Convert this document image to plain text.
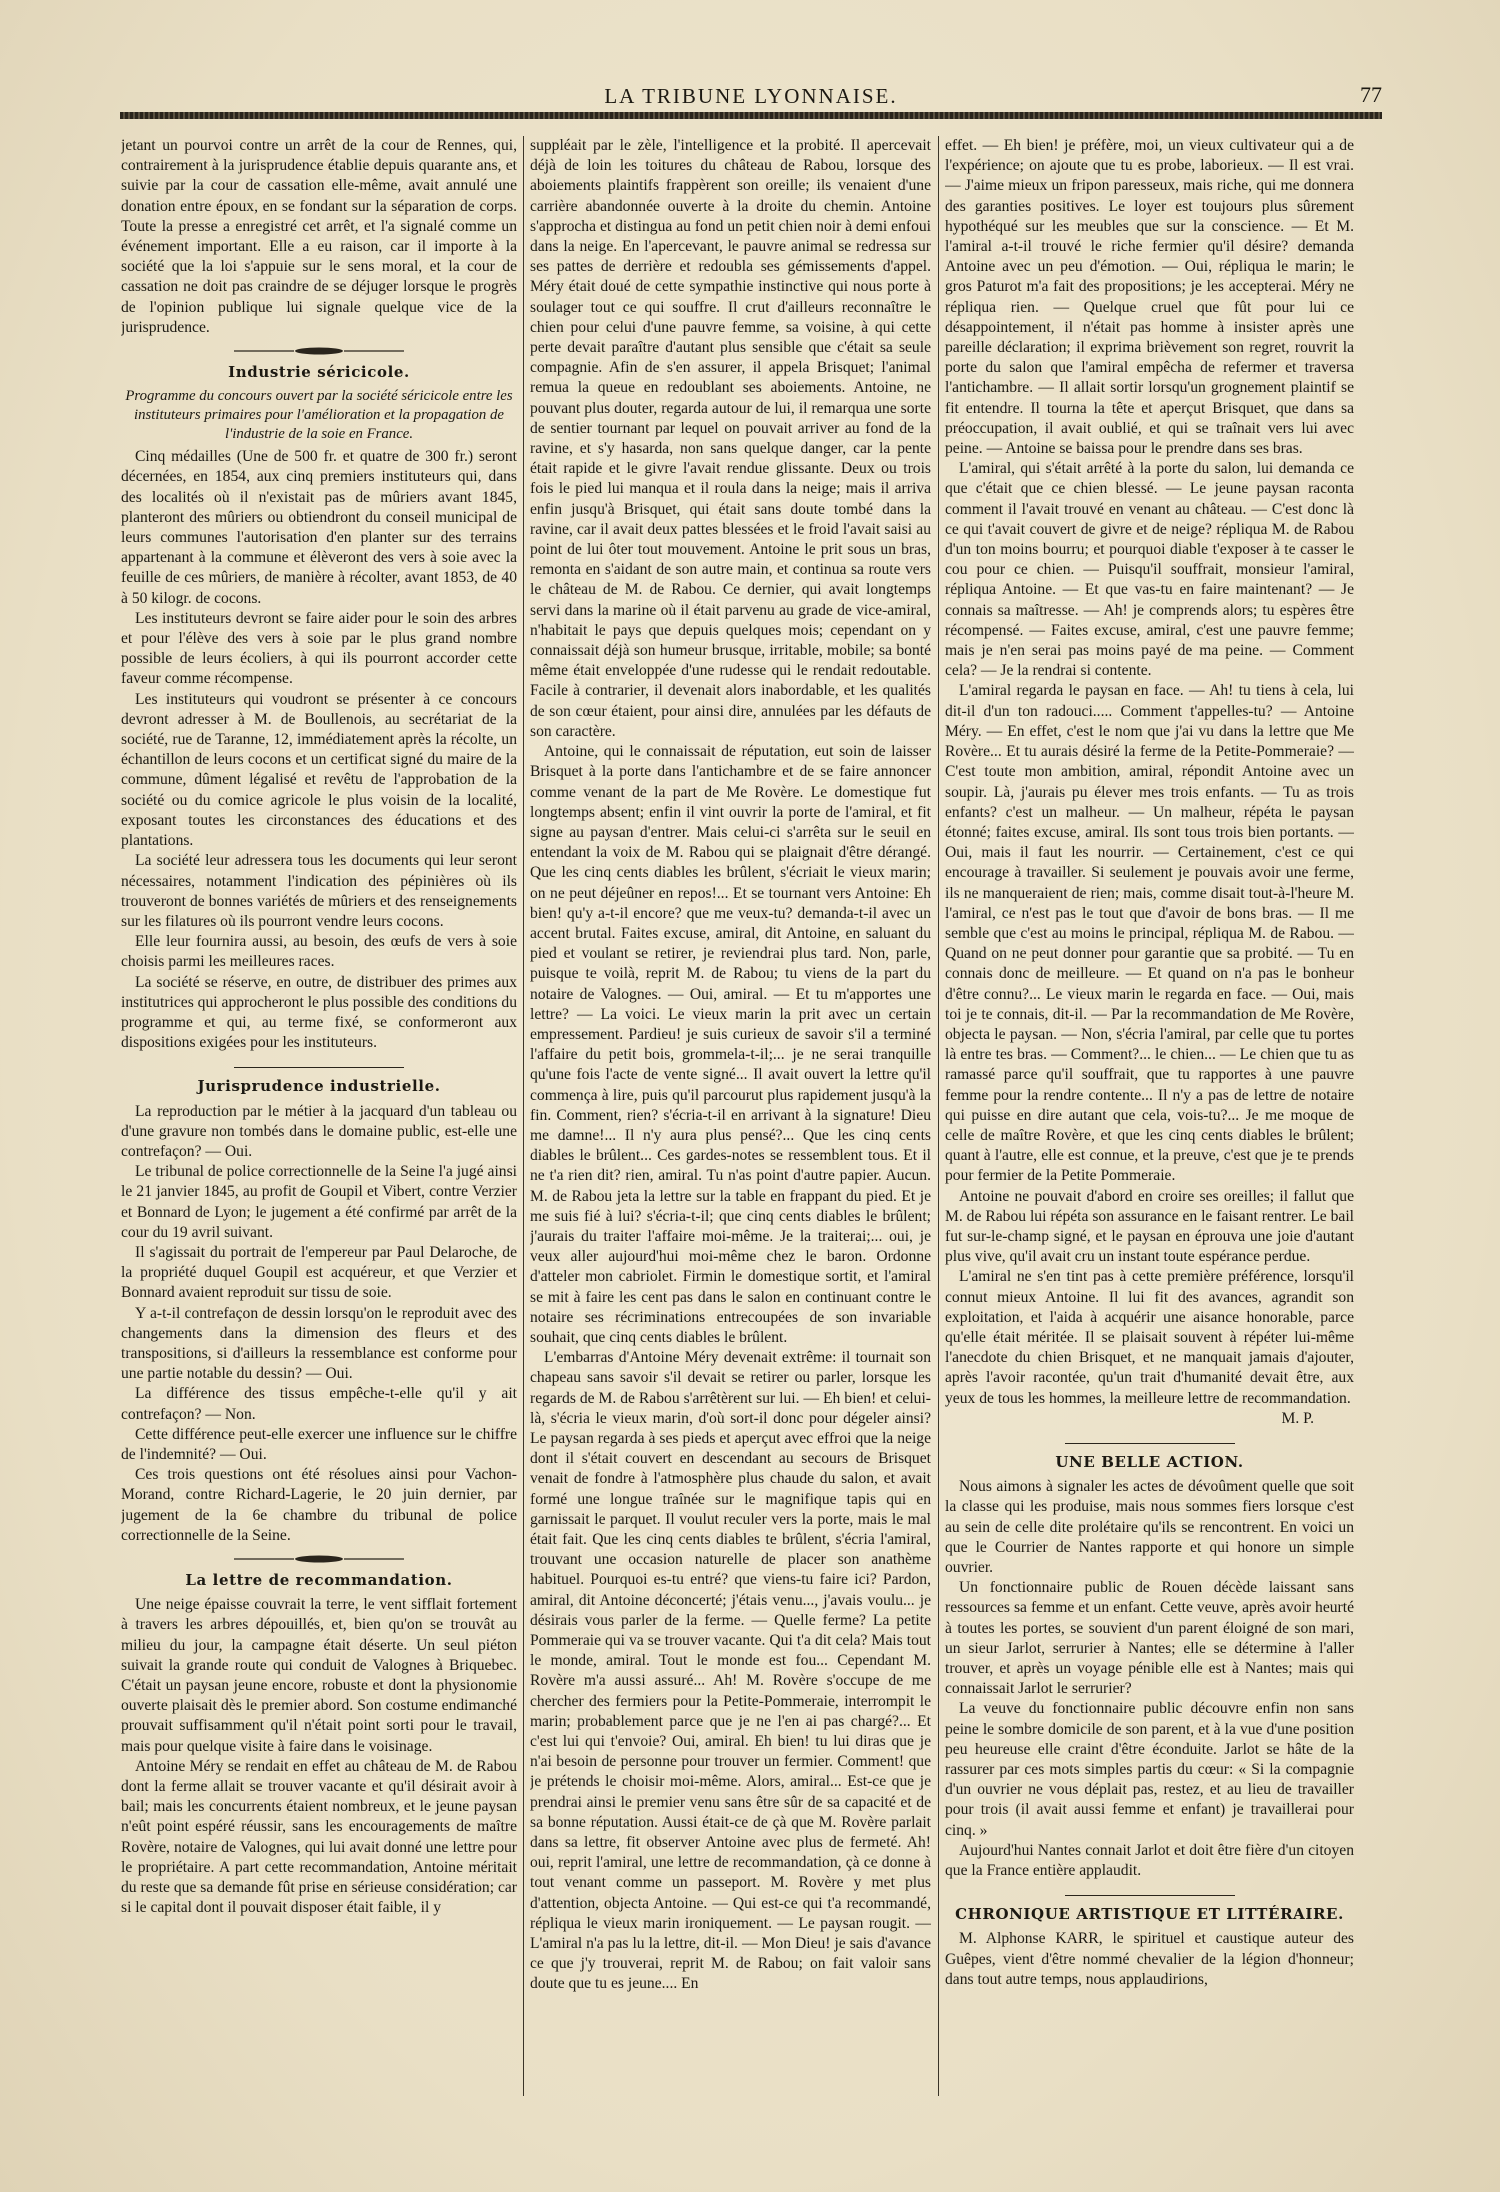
LA TRIBUNE LYONNAISE.	77

jetant un pourvoi contre un arrêt de la cour de Rennes, qui, contrairement à la jurisprudence établie depuis quarante ans, et suivie par la cour de cassation elle-même, avait annulé une donation entre époux, en se fondant sur la séparation de corps. Toute la presse a enregistré cet arrêt, et l'a signalé comme un événement important. Elle a eu raison, car il importe à la société que la loi s'appuie sur le sens moral, et la cour de cassation ne doit pas craindre de se déjuger lorsque le progrès de l'opinion publique lui signale quelque vice de la jurisprudence.

Industrie séricicole.

Programme du concours ouvert par la société séricicole entre les instituteurs primaires pour l'amélioration et la propagation de l'industrie de la soie en France.

Cinq médailles (Une de 500 fr. et quatre de 300 fr.) seront décernées, en 1854, aux cinq premiers instituteurs qui, dans des localités où il n'existait pas de mûriers avant 1845, planteront des mûriers ou obtiendront du conseil municipal de leurs communes l'autorisation d'en planter sur des terrains appartenant à la commune et élèveront des vers à soie avec la feuille de ces mûriers, de manière à récolter, avant 1853, de 40 à 50 kilogr. de cocons.

Les instituteurs devront se faire aider pour le soin des arbres et pour l'élève des vers à soie par le plus grand nombre possible de leurs écoliers, à qui ils pourront accorder cette faveur comme récompense.

Les instituteurs qui voudront se présenter à ce concours devront adresser à M. de Boullenois, au secrétariat de la société, rue de Taranne, 12, immédiatement après la récolte, un échantillon de leurs cocons et un certificat signé du maire de la commune, dûment légalisé et revêtu de l'approbation de la société ou du comice agricole le plus voisin de la localité, exposant toutes les circonstances des éducations et des plantations.

La société leur adressera tous les documents qui leur seront nécessaires, notamment l'indication des pépinières où ils trouveront de bonnes variétés de mûriers et des renseignements sur les filatures où ils pourront vendre leurs cocons.

Elle leur fournira aussi, au besoin, des œufs de vers à soie choisis parmi les meilleures races.

La société se réserve, en outre, de distribuer des primes aux institutrices qui approcheront le plus possible des conditions du programme et qui, au terme fixé, se conformeront aux dispositions exigées pour les instituteurs.

Jurisprudence industrielle.

La reproduction par le métier à la jacquard d'un tableau ou d'une gravure non tombés dans le domaine public, est-elle une contrefaçon? — Oui.

Le tribunal de police correctionnelle de la Seine l'a jugé ainsi le 21 janvier 1845, au profit de Goupil et Vibert, contre Verzier et Bonnard de Lyon; le jugement a été confirmé par arrêt de la cour du 19 avril suivant.

Il s'agissait du portrait de l'empereur par Paul Delaroche, de la propriété duquel Goupil est acquéreur, et que Verzier et Bonnard avaient reproduit sur tissu de soie.

Y a-t-il contrefaçon de dessin lorsqu'on le reproduit avec des changements dans la dimension des fleurs et des transpositions, si d'ailleurs la ressemblance est conforme pour une partie notable du dessin? — Oui.

La différence des tissus empêche-t-elle qu'il y ait contrefaçon? — Non.

Cette différence peut-elle exercer une influence sur le chiffre de l'indemnité? — Oui.

Ces trois questions ont été résolues ainsi pour Vachon-Morand, contre Richard-Lagerie, le 20 juin dernier, par jugement de la 6e chambre du tribunal de police correctionnelle de la Seine.

La lettre de recommandation.

Une neige épaisse couvrait la terre, le vent sifflait fortement à travers les arbres dépouillés, et, bien qu'on se trouvât au milieu du jour, la campagne était déserte. Un seul piéton suivait la grande route qui conduit de Valognes à Briquebec. C'était un paysan jeune encore, robuste et dont la physionomie ouverte plaisait dès le premier abord. Son costume endimanché prouvait suffisamment qu'il n'était point sorti pour le travail, mais pour quelque visite à faire dans le voisinage.

Antoine Méry se rendait en effet au château de M. de Rabou dont la ferme allait se trouver vacante et qu'il désirait avoir à bail; mais les concurrents étaient nombreux, et le jeune paysan n'eût point espéré réussir, sans les encouragements de maître Rovère, notaire de Valognes, qui lui avait donné une lettre pour le propriétaire. A part cette recommandation, Antoine méritait du reste que sa demande fût prise en sérieuse considération; car si le capital dont il pouvait disposer était faible, il y

suppléait par le zèle, l'intelligence et la probité. Il apercevait déjà de loin les toitures du château de Rabou, lorsque des aboiements plaintifs frappèrent son oreille; ils venaient d'une carrière abandonnée ouverte à la droite du chemin. Antoine s'approcha et distingua au fond un petit chien noir à demi enfoui dans la neige. En l'apercevant, le pauvre animal se redressa sur ses pattes de derrière et redoubla ses gémissements d'appel. Méry était doué de cette sympathie instinctive qui nous porte à soulager tout ce qui souffre. Il crut d'ailleurs reconnaître le chien pour celui d'une pauvre femme, sa voisine, à qui cette perte devait paraître d'autant plus sensible que c'était sa seule compagnie. Afin de s'en assurer, il appela Brisquet; l'animal remua la queue en redoublant ses aboiements. Antoine, ne pouvant plus douter, regarda autour de lui, il remarqua une sorte de sentier tournant par lequel on pouvait arriver au fond de la ravine, et s'y hasarda, non sans quelque danger, car la pente était rapide et le givre l'avait rendue glissante. Deux ou trois fois le pied lui manqua et il roula dans la neige; mais il arriva enfin jusqu'à Brisquet, qui était sans doute tombé dans la ravine, car il avait deux pattes blessées et le froid l'avait saisi au point de lui ôter tout mouvement. Antoine le prit sous un bras, remonta en s'aidant de son autre main, et continua sa route vers le château de M. de Rabou. Ce dernier, qui avait longtemps servi dans la marine où il était parvenu au grade de vice-amiral, n'habitait le pays que depuis quelques mois; cependant on y connaissait déjà son humeur brusque, irritable, mobile; sa bonté même était enveloppée d'une rudesse qui le rendait redoutable. Facile à contrarier, il devenait alors inabordable, et les qualités de son cœur étaient, pour ainsi dire, annulées par les défauts de son caractère.

Antoine, qui le connaissait de réputation, eut soin de laisser Brisquet à la porte dans l'antichambre et de se faire annoncer comme venant de la part de Me Rovère. Le domestique fut longtemps absent; enfin il vint ouvrir la porte de l'amiral, et fit signe au paysan d'entrer. Mais celui-ci s'arrêta sur le seuil en entendant la voix de M. Rabou qui se plaignait d'être dérangé. Que les cinq cents diables les brûlent, s'écriait le vieux marin; on ne peut déjeûner en repos!... Et se tournant vers Antoine: Eh bien! qu'y a-t-il encore? que me veux-tu? demanda-t-il avec un accent brutal. Faites excuse, amiral, dit Antoine, en saluant du pied et voulant se retirer, je reviendrai plus tard. Non, parle, puisque te voilà, reprit M. de Rabou; tu viens de la part du notaire de Valognes. — Oui, amiral. — Et tu m'apportes une lettre? — La voici. Le vieux marin la prit avec un certain empressement. Pardieu! je suis curieux de savoir s'il a terminé l'affaire du petit bois, grommela-t-il;... je ne serai tranquille qu'une fois l'acte de vente signé... Il avait ouvert la lettre qu'il commença à lire, puis qu'il parcourut plus rapidement jusqu'à la fin. Comment, rien? s'écria-t-il en arrivant à la signature! Dieu me damne!... Il n'y aura plus pensé?... Que les cinq cents diables le brûlent... Ces gardes-notes se ressemblent tous. Et il ne t'a rien dit? rien, amiral. Tu n'as point d'autre papier. Aucun. M. de Rabou jeta la lettre sur la table en frappant du pied. Et je me suis fié à lui? s'écria-t-il; que cinq cents diables le brûlent; j'aurais du traiter l'affaire moi-même. Je la traiterai;... oui, je veux aller aujourd'hui moi-même chez le baron. Ordonne d'atteler mon cabriolet. Firmin le domestique sortit, et l'amiral se mit à faire les cent pas dans le salon en continuant contre le notaire ses récriminations entrecoupées de son invariable souhait, que cinq cents diables le brûlent.

L'embarras d'Antoine Méry devenait extrême: il tournait son chapeau sans savoir s'il devait se retirer ou parler, lorsque les regards de M. de Rabou s'arrêtèrent sur lui. — Eh bien! et celui-là, s'écria le vieux marin, d'où sort-il donc pour dégeler ainsi? Le paysan regarda à ses pieds et aperçut avec effroi que la neige dont il s'était couvert en descendant au secours de Brisquet venait de fondre à l'atmosphère plus chaude du salon, et avait formé une longue traînée sur le magnifique tapis qui en garnissait le parquet. Il voulut reculer vers la porte, mais le mal était fait. Que les cinq cents diables te brûlent, s'écria l'amiral, trouvant une occasion naturelle de placer son anathème habituel. Pourquoi es-tu entré? que viens-tu faire ici? Pardon, amiral, dit Antoine déconcerté; j'étais venu..., j'avais voulu... je désirais vous parler de la ferme. — Quelle ferme? La petite Pommeraie qui va se trouver vacante. Qui t'a dit cela? Mais tout le monde, amiral. Tout le monde est fou... Cependant M. Rovère m'a aussi assuré... Ah! M. Rovère s'occupe de me chercher des fermiers pour la Petite-Pommeraie, interrompit le marin; probablement parce que je ne l'en ai pas chargé?... Et c'est lui qui t'envoie? Oui, amiral. Eh bien! tu lui diras que je n'ai besoin de personne pour trouver un fermier. Comment! que je prétends le choisir moi-même. Alors, amiral... Est-ce que je prendrai ainsi le premier venu sans être sûr de sa capacité et de sa bonne réputation. Aussi était-ce de çà que M. Rovère parlait dans sa lettre, fit observer Antoine avec plus de fermeté. Ah! oui, reprit l'amiral, une lettre de recommandation, çà ce donne à tout venant comme un passeport. M. Rovère y met plus d'attention, objecta Antoine. — Qui est-ce qui t'a recommandé, répliqua le vieux marin ironiquement. — Le paysan rougit. — L'amiral n'a pas lu la lettre, dit-il. — Mon Dieu! je sais d'avance ce que j'y trouverai, reprit M. de Rabou; on fait valoir sans doute que tu es jeune.... En

effet. — Eh bien! je préfère, moi, un vieux cultivateur qui a de l'expérience; on ajoute que tu es probe, laborieux. — Il est vrai. — J'aime mieux un fripon paresseux, mais riche, qui me donnera des garanties positives. Le loyer est toujours plus sûrement hypothéqué sur les meubles que sur la conscience. — Et M. l'amiral a-t-il trouvé le riche fermier qu'il désire? demanda Antoine avec un peu d'émotion. — Oui, répliqua le marin; le gros Paturot m'a fait des propositions; je les accepterai. Méry ne répliqua rien. — Quelque cruel que fût pour lui ce désappointement, il n'était pas homme à insister après une pareille déclaration; il exprima brièvement son regret, rouvrit la porte du salon que l'amiral empêcha de refermer et traversa l'antichambre. — Il allait sortir lorsqu'un grognement plaintif se fit entendre. Il tourna la tête et aperçut Brisquet, que dans sa préoccupation, il avait oublié, et qui se traînait vers lui avec peine. — Antoine se baissa pour le prendre dans ses bras.

L'amiral, qui s'était arrêté à la porte du salon, lui demanda ce que c'était que ce chien blessé. — Le jeune paysan raconta comment il l'avait trouvé en venant au château. — C'est donc là ce qui t'avait couvert de givre et de neige? répliqua M. de Rabou d'un ton moins bourru; et pourquoi diable t'exposer à te casser le cou pour ce chien. — Puisqu'il souffrait, monsieur l'amiral, répliqua Antoine. — Et que vas-tu en faire maintenant? — Je connais sa maîtresse. — Ah! je comprends alors; tu espères être récompensé. — Faites excuse, amiral, c'est une pauvre femme; mais je n'en serai pas moins payé de ma peine. — Comment cela? — Je la rendrai si contente.

L'amiral regarda le paysan en face. — Ah! tu tiens à cela, lui dit-il d'un ton radouci..... Comment t'appelles-tu? — Antoine Méry. — En effet, c'est le nom que j'ai vu dans la lettre que Me Rovère... Et tu aurais désiré la ferme de la Petite-Pommeraie? — C'est toute mon ambition, amiral, répondit Antoine avec un soupir. Là, j'aurais pu élever mes trois enfants. — Tu as trois enfants? c'est un malheur. — Un malheur, répéta le paysan étonné; faites excuse, amiral. Ils sont tous trois bien portants. — Oui, mais il faut les nourrir. — Certainement, c'est ce qui encourage à travailler. Si seulement je pouvais avoir une ferme, ils ne manqueraient de rien; mais, comme disait tout-à-l'heure M. l'amiral, ce n'est pas le tout que d'avoir de bons bras. — Il me semble que c'est au moins le principal, répliqua M. de Rabou. — Quand on ne peut donner pour garantie que sa probité. — Tu en connais donc de meilleure. — Et quand on n'a pas le bonheur d'être connu?... Le vieux marin le regarda en face. — Oui, mais toi je te connais, dit-il. — Par la recommandation de Me Rovère, objecta le paysan. — Non, s'écria l'amiral, par celle que tu portes là entre tes bras. — Comment?... le chien... — Le chien que tu as ramassé parce qu'il souffrait, que tu rapportes à une pauvre femme pour la rendre contente... Il n'y a pas de lettre de notaire qui puisse en dire autant que cela, vois-tu?... Je me moque de celle de maître Rovère, et que les cinq cents diables le brûlent; quant à l'autre, elle est connue, et la preuve, c'est que je te prends pour fermier de la Petite Pommeraie.

Antoine ne pouvait d'abord en croire ses oreilles; il fallut que M. de Rabou lui répéta son assurance en le faisant rentrer. Le bail fut sur-le-champ signé, et le paysan en éprouva une joie d'autant plus vive, qu'il avait cru un instant toute espérance perdue.

L'amiral ne s'en tint pas à cette première préférence, lorsqu'il connut mieux Antoine. Il lui fit des avances, agrandit son exploitation, et l'aida à acquérir une aisance honorable, parce qu'elle était méritée. Il se plaisait souvent à répéter lui-même l'anecdote du chien Brisquet, et ne manquait jamais d'ajouter, après l'avoir racontée, qu'un trait d'humanité devait être, aux yeux de tous les hommes, la meilleure lettre de recommandation.

M. P.

UNE BELLE ACTION.

Nous aimons à signaler les actes de dévoûment quelle que soit la classe qui les produise, mais nous sommes fiers lorsque c'est au sein de celle dite prolétaire qu'ils se rencontrent. En voici un que le Courrier de Nantes rapporte et qui honore un simple ouvrier.

Un fonctionnaire public de Rouen décède laissant sans ressources sa femme et un enfant. Cette veuve, après avoir heurté à toutes les portes, se souvient d'un parent éloigné de son mari, un sieur Jarlot, serrurier à Nantes; elle se détermine à l'aller trouver, et après un voyage pénible elle est à Nantes; mais qui connaissait Jarlot le serrurier?

La veuve du fonctionnaire public découvre enfin non sans peine le sombre domicile de son parent, et à la vue d'une position peu heureuse elle craint d'être éconduite. Jarlot se hâte de la rassurer par ces mots simples partis du cœur: « Si la compagnie d'un ouvrier ne vous déplait pas, restez, et au lieu de travailler pour trois (il avait aussi femme et enfant) je travaillerai pour cinq. »

Aujourd'hui Nantes connait Jarlot et doit être fière d'un citoyen que la France entière applaudit.

CHRONIQUE ARTISTIQUE ET LITTÉRAIRE.

M. Alphonse KARR, le spirituel et caustique auteur des Guêpes, vient d'être nommé chevalier de la légion d'honneur; dans tout autre temps, nous applaudirions,
